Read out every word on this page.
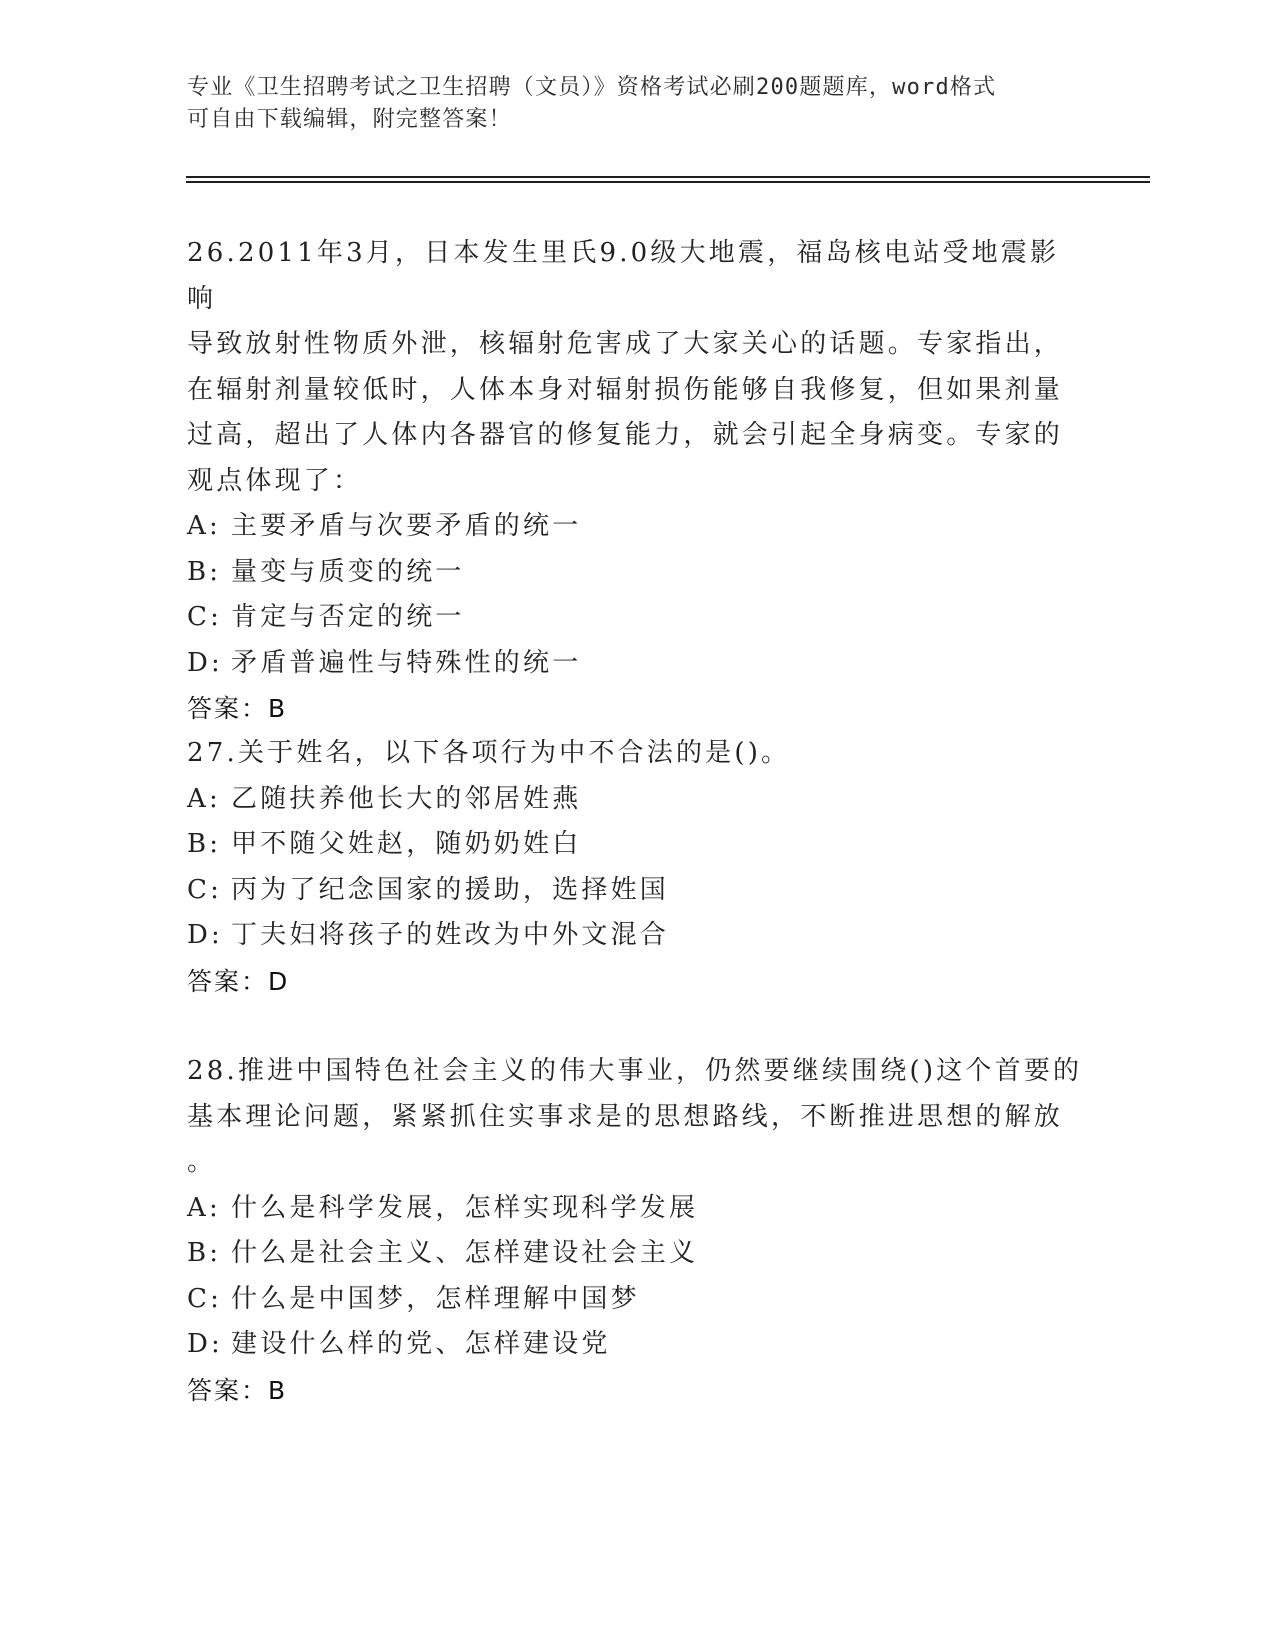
专业《卫生招聘考试之卫生招聘（文员）》资格考试必刷200题题库，word格式
可自由下载编辑，附完整答案！
26.2011年3月，日本发生里氏9.0级大地震，福岛核电站受地震影响
导致放射性物质外泄，核辐射危害成了大家关心的话题。专家指出，
在辐射剂量较低时，人体本身对辐射损伤能够自我修复，但如果剂量
过高，超出了人体内各器官的修复能力，就会引起全身病变。专家的
观点体现了：
A: 主要矛盾与次要矛盾的统一
B: 量变与质变的统一
C: 肯定与否定的统一
D: 矛盾普遍性与特殊性的统一
答案：B
27.关于姓名，以下各项行为中不合法的是()。
A: 乙随扶养他长大的邻居姓燕
B: 甲不随父姓赵，随奶奶姓白
C: 丙为了纪念国家的援助，选择姓国
D: 丁夫妇将孩子的姓改为中外文混合
答案：D
28.推进中国特色社会主义的伟大事业，仍然要继续围绕()这个首要的
基本理论问题，紧紧抓住实事求是的思想路线，不断推进思想的解放
。
A: 什么是科学发展，怎样实现科学发展
B: 什么是社会主义、怎样建设社会主义
C: 什么是中国梦，怎样理解中国梦
D: 建设什么样的党、怎样建设党
答案：B
